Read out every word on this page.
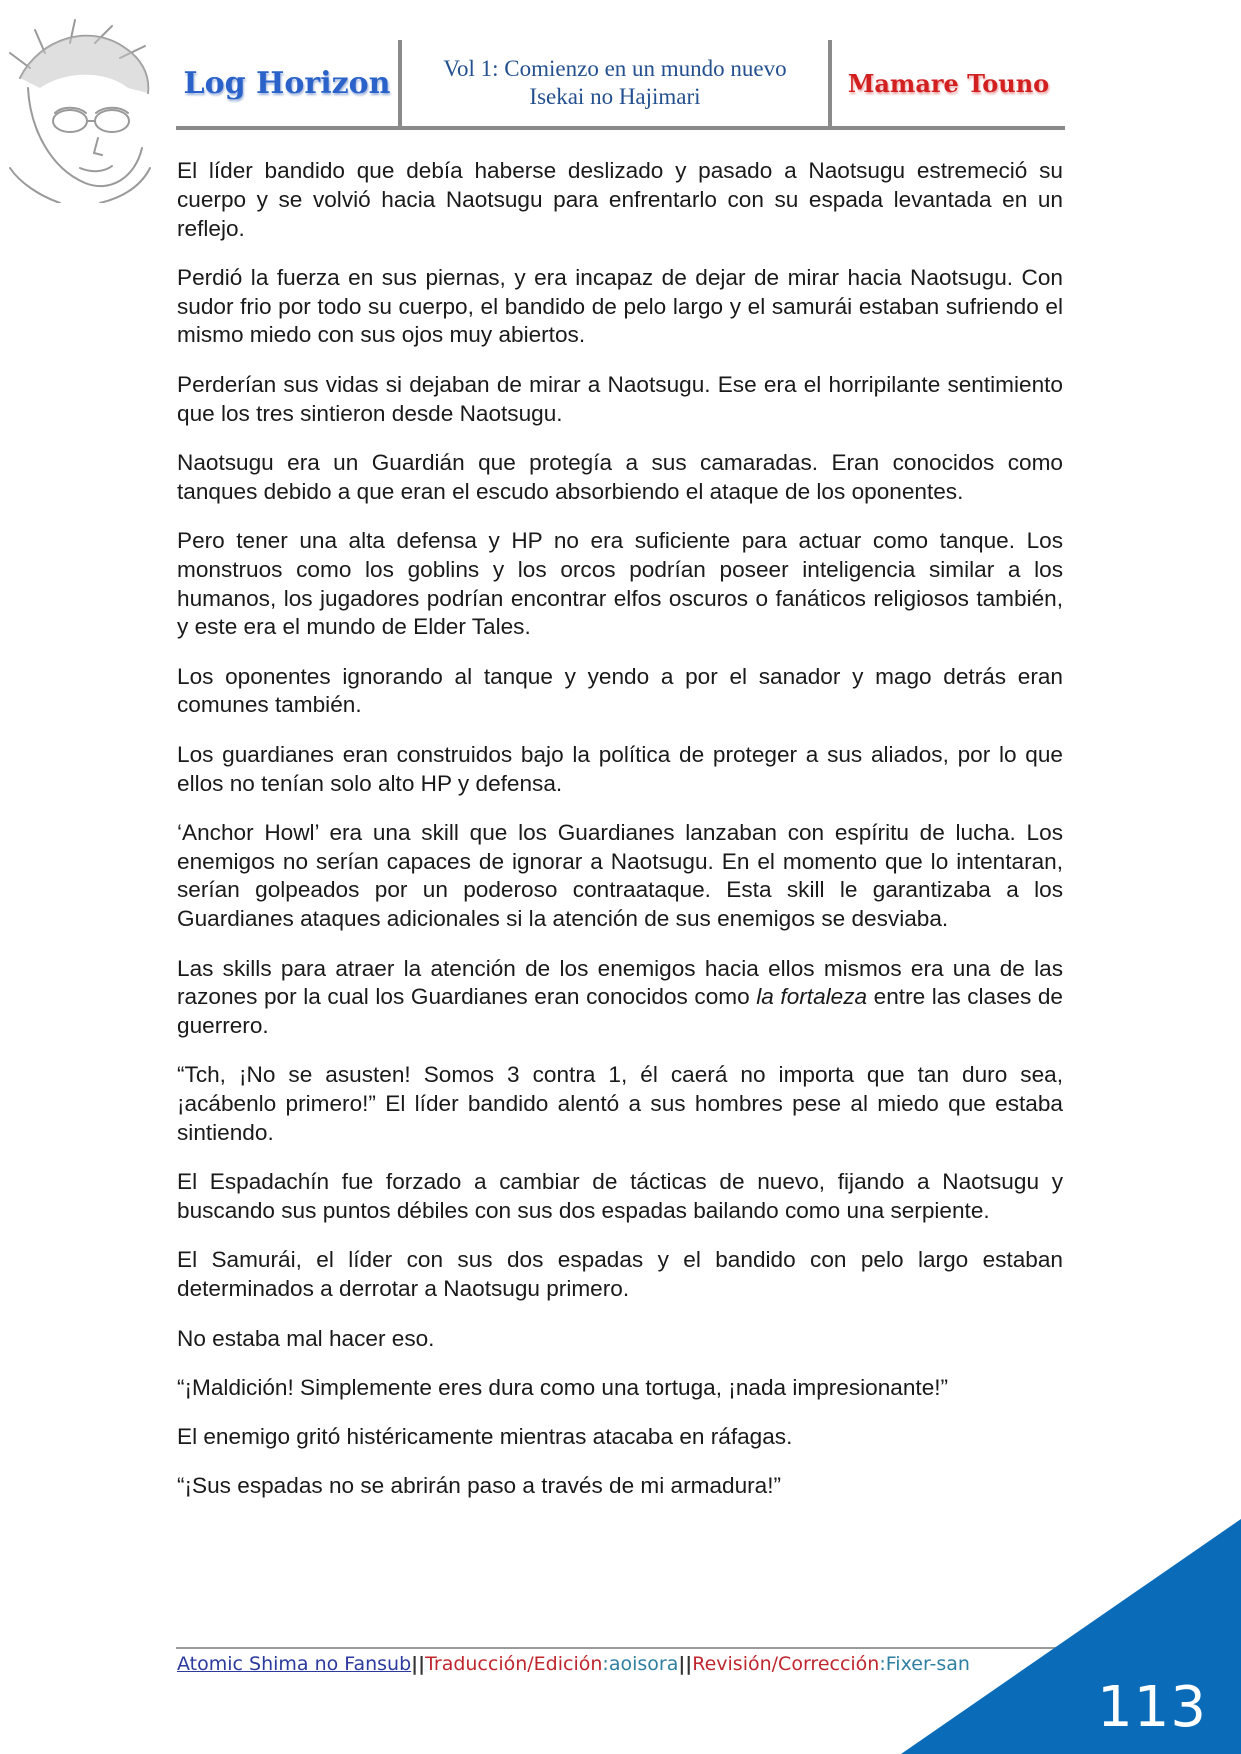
Log Horizon Vol 1: Comienzo en un mundo nuevo
Isekai no Hajimari	Mamare Touno

El líder bandido que debía haberse deslizado y pasado a Naotsugu estremeció su cuerpo y se volvió hacia Naotsugu para enfrentarlo con su espada levantada en un reflejo.

Perdió la fuerza en sus piernas, y era incapaz de dejar de mirar hacia Naotsugu. Con sudor frio por todo su cuerpo, el bandido de pelo largo y el samurái estaban sufriendo el mismo miedo con sus ojos muy abiertos.

Perderían sus vidas si dejaban de mirar a Naotsugu. Ese era el horripilante sentimiento que los tres sintieron desde Naotsugu.

Naotsugu era un Guardián que protegía a sus camaradas. Eran conocidos como tanques debido a que eran el escudo absorbiendo el ataque de los oponentes.

Pero tener una alta defensa y HP no era suficiente para actuar como tanque. Los monstruos como los goblins y los orcos podrían poseer inteligencia similar a los humanos, los jugadores podrían encontrar elfos oscuros o fanáticos religiosos también, y este era el mundo de Elder Tales.

Los oponentes ignorando al tanque y yendo a por el sanador y mago detrás eran comunes también.

Los guardianes eran construidos bajo la política de proteger a sus aliados, por lo que ellos no tenían solo alto HP y defensa.

‘Anchor Howl’ era una skill que los Guardianes lanzaban con espíritu de lucha. Los enemigos no serían capaces de ignorar a Naotsugu. En el momento que lo intentaran, serían golpeados por un poderoso contraataque. Esta skill le garantizaba a los Guardianes ataques adicionales si la atención de sus enemigos se desviaba.

Las skills para atraer la atención de los enemigos hacia ellos mismos era una de las razones por la cual los Guardianes eran conocidos como la fortaleza entre las clases de guerrero.

“Tch, ¡No se asusten! Somos 3 contra 1, él caerá no importa que tan duro sea, ¡acábenlo primero!” El líder bandido alentó a sus hombres pese al miedo que estaba sintiendo.

El Espadachín fue forzado a cambiar de tácticas de nuevo, fijando a Naotsugu y buscando sus puntos débiles con sus dos espadas bailando como una serpiente.

El Samurái, el líder con sus dos espadas y el bandido con pelo largo estaban determinados a derrotar a Naotsugu primero.

No estaba mal hacer eso.

“¡Maldición! Simplemente eres dura como una tortuga, ¡nada impresionante!”

El enemigo gritó histéricamente mientras atacaba en ráfagas.

“¡Sus espadas no se abrirán paso a través de mi armadura!”

Atomic Shima no Fansub||Traducción/Edición:aoisora||Revisión/Corrección:Fixer-san
113
